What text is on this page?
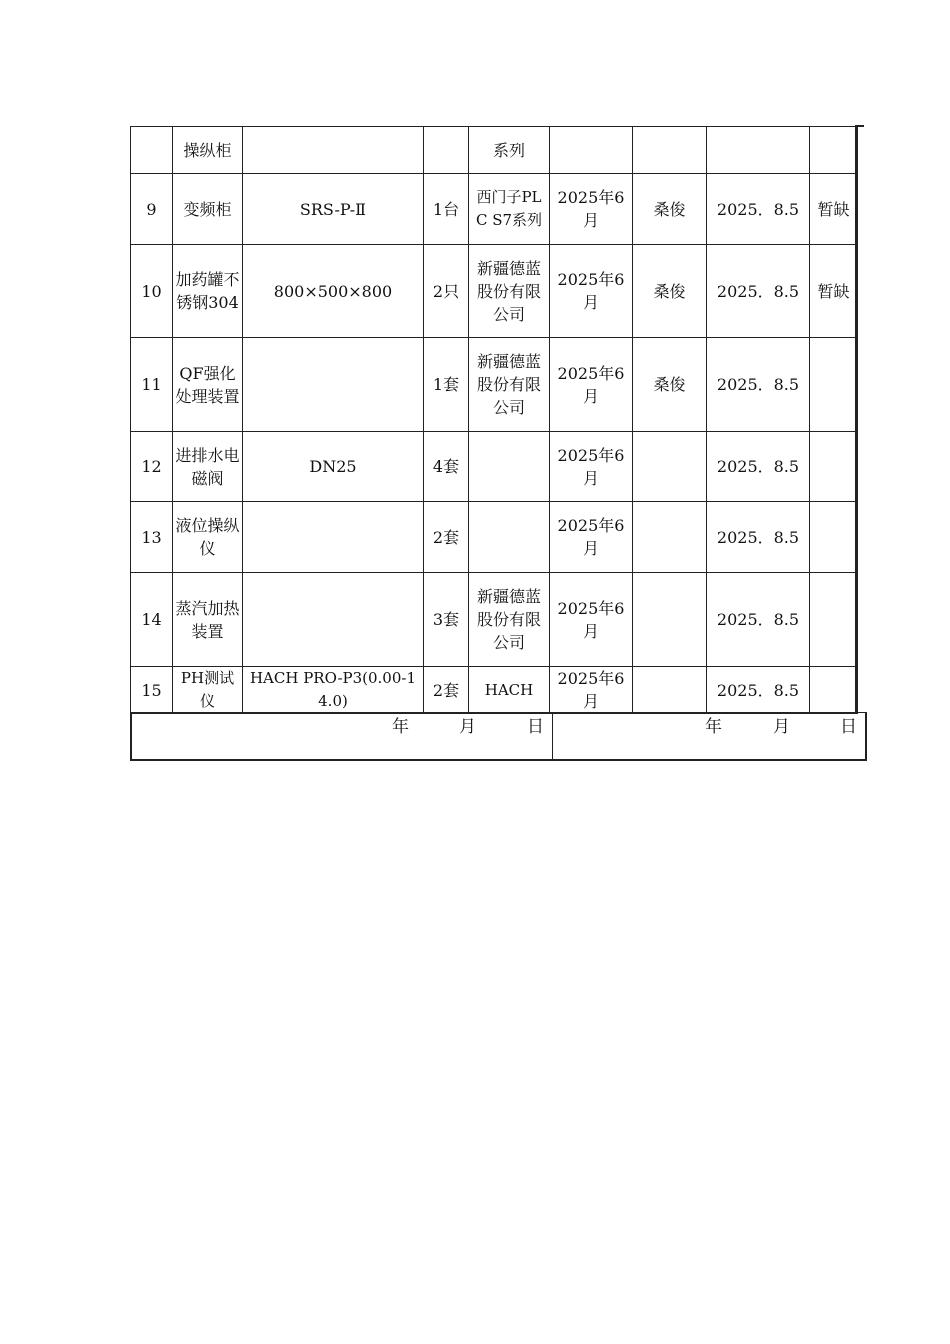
	操纵柜			系列				
9	变频柜	SRS-P-Ⅱ	1台	西门子PLC S7系列	2025年6月	桑俊	2025．8.5	暂缺
10	加药罐不锈钢304	800×500×800	2只	新疆德蓝股份有限公司	2025年6月	桑俊	2025．8.5	暂缺
11	QF强化处理装置		1套	新疆德蓝股份有限公司	2025年6月	桑俊	2025．8.5	
12	进排水电磁阀	DN25	4套		2025年6月		2025．8.5	
13	液位操纵仪		2套		2025年6月		2025．8.5	
14	蒸汽加热装置		3套	新疆德蓝股份有限公司	2025年6月		2025．8.5	
15	PH测试仪	HACH PRO-P3(0.00-14.0)	2套	HACH	2025年6月		2025．8.5	
年	月	日	年	月	日
